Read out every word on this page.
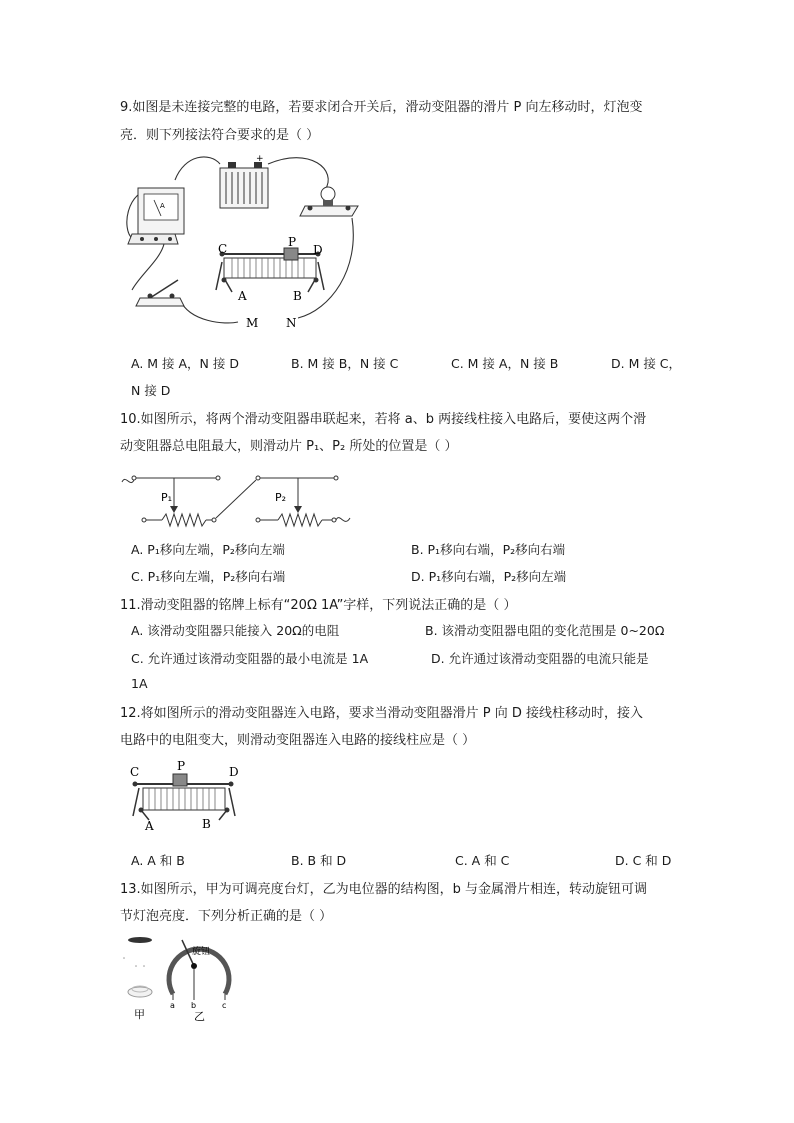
9.如图是未连接完整的电路，若要求闭合开关后，滑动变阻器的滑片 P 向左移动时，灯泡变
亮．则下列接法符合要求的是（ ）
A
+
C	P
D
A	B
M N
A. M 接 A，N 接 D	B. M 接 B，N 接 C	C. M 接 A，N 接 B	D. M 接 C，
N 接 D
10.如图所示，将两个滑动变阻器串联起来，若将 a、b 两接线柱接入电路后，要使这两个滑
动变阻器总电阻最大，则滑动片 P₁、P₂ 所处的位置是（ ）
P₁	P₂
A. P₁移向左端，P₂移向左端	B. P₁移向右端，P₂移向右端
C. P₁移向左端，P₂移向右端	D. P₁移向右端，P₂移向左端
11.滑动变阻器的铭牌上标有“20Ω 1A”字样，下列说法正确的是（ ）
A. 该滑动变阻器只能接入 20Ω的电阻	B. 该滑动变阻器电阻的变化范围是 0~20Ω
C. 允许通过该滑动变阻器的最小电流是 1A	D. 允许通过该滑动变阻器的电流只能是
1A
12.将如图所示的滑动变阻器连入电路，要求当滑动变阻器滑片 P 向 D 接线柱移动时，接入
电路中的电阻变大，则滑动变阻器连入电路的接线柱应是（ ）
C	P	D
A	B
A. A 和 B	B. B 和 D	C. A 和 C	D. C 和 D
13.如图所示，甲为可调亮度台灯，乙为电位器的结构图，b 与金属滑片相连，转动旋钮可调
节灯泡亮度．下列分析正确的是（ ）
甲
旋钮
a b	c
乙
